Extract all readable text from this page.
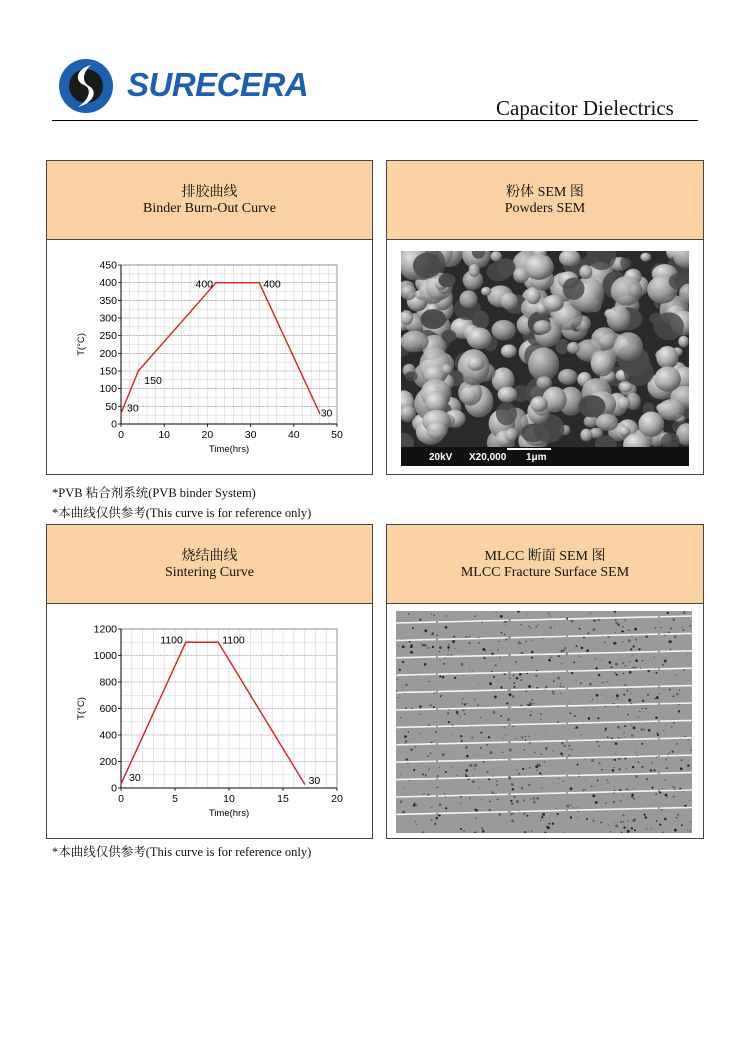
SURECERA
Capacitor Dielectrics
排胶曲线
Binder Burn-Out Curve
0	10	20	30	40	50
0
50
100
150
200
250
300
350
400
450
Time(hrs)
T(°C)
30
150
400	400
30
粉体 SEM 图
Powders SEM
20kV X20,000 1μm
*PVB 粘合剂系统(PVB binder System)
*本曲线仅供参考(This curve is for reference only)
烧结曲线
Sintering Curve
0	5	10	15	20
0
200
400
600
800
1000
1200
Time(hrs)
T(°C)
30
1100	1100
30
MLCC 断面 SEM 图
MLCC Fracture Surface SEM
*本曲线仅供参考(This curve is for reference only)
